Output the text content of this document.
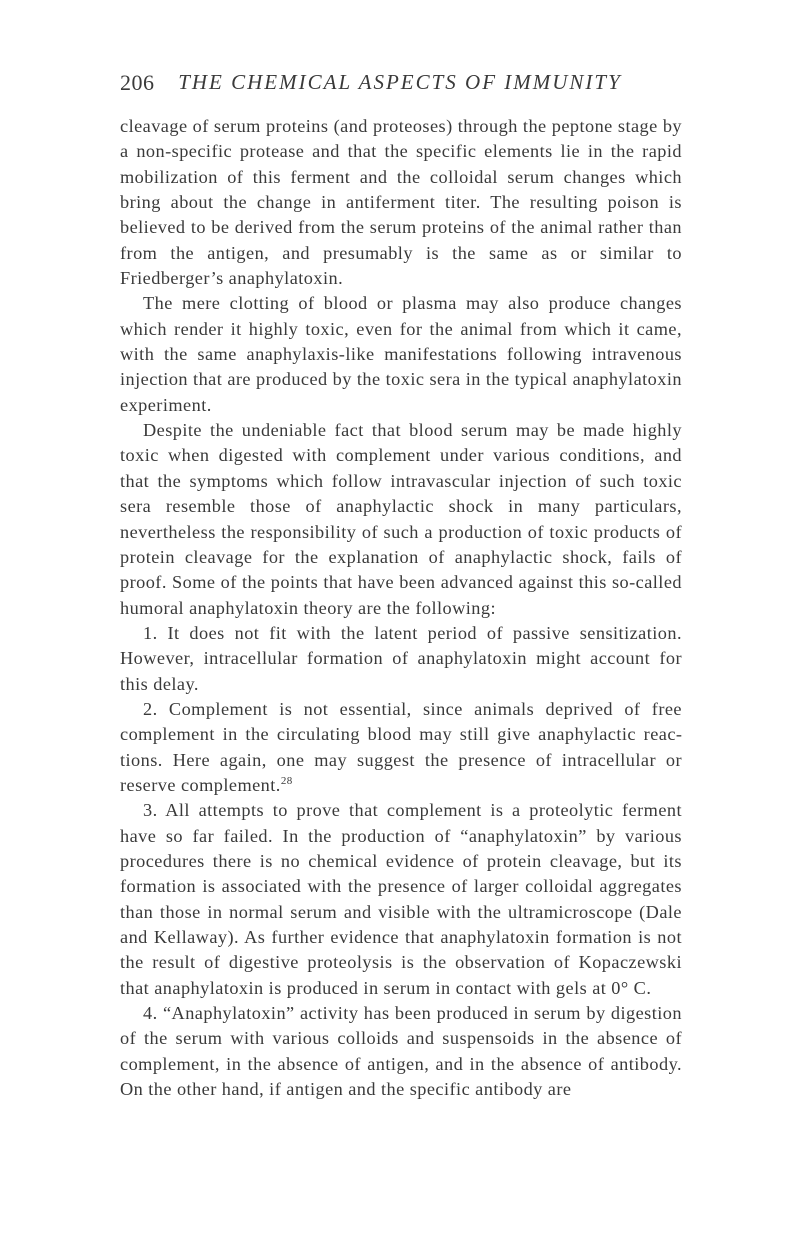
206	THE CHEMICAL ASPECTS OF IMMUNITY

cleavage of serum proteins (and proteoses) through the peptone stage by a non-specific protease and that the specific elements lie in the rapid mobilization of this ferment and the colloidal serum changes which bring about the change in antiferment titer. The resulting poison is believed to be derived from the serum proteins of the animal rather than from the antigen, and presumably is the same as or similar to Friedberger’s anaphylatoxin.

The mere clotting of blood or plasma may also produce changes which render it highly toxic, even for the animal from which it came, with the same anaphylaxis-like manifestations following intravenous injection that are produced by the toxic sera in the typical anaphylatoxin experiment.

Despite the undeniable fact that blood serum may be made highly toxic when digested with complement under various conditions, and that the symptoms which follow intravascular injection of such toxic sera resemble those of anaphylactic shock in many particulars, nevertheless the responsibility of such a production of toxic products of protein cleavage for the explanation of anaphylactic shock, fails of proof. Some of the points that have been advanced against this so-called humoral anaphylatoxin theory are the following:

1. It does not fit with the latent period of passive sensitization. However, intracellular formation of anaphylatoxin might account for this delay.

2. Complement is not essential, since animals deprived of free complement in the circulating blood may still give anaphylactic reactions. Here again, one may suggest the presence of intracellular or reserve complement.$^{28}$

3. All attempts to prove that complement is a proteolytic ferment have so far failed. In the production of “anaphylatoxin” by various procedures there is no chemical evidence of protein cleavage, but its formation is associated with the presence of larger colloidal aggregates than those in normal serum and visible with the ultramicroscope (Dale and Kellaway). As further evidence that anaphylatoxin formation is not the result of digestive proteolysis is the observation of Kopaczewski that anaphylatoxin is produced in serum in contact with gels at 0° C.

4. “Anaphylatoxin” activity has been produced in serum by digestion of the serum with various colloids and suspensoids in the absence of complement, in the absence of antigen, and in the absence of antibody. On the other hand, if antigen and the specific antibody are
